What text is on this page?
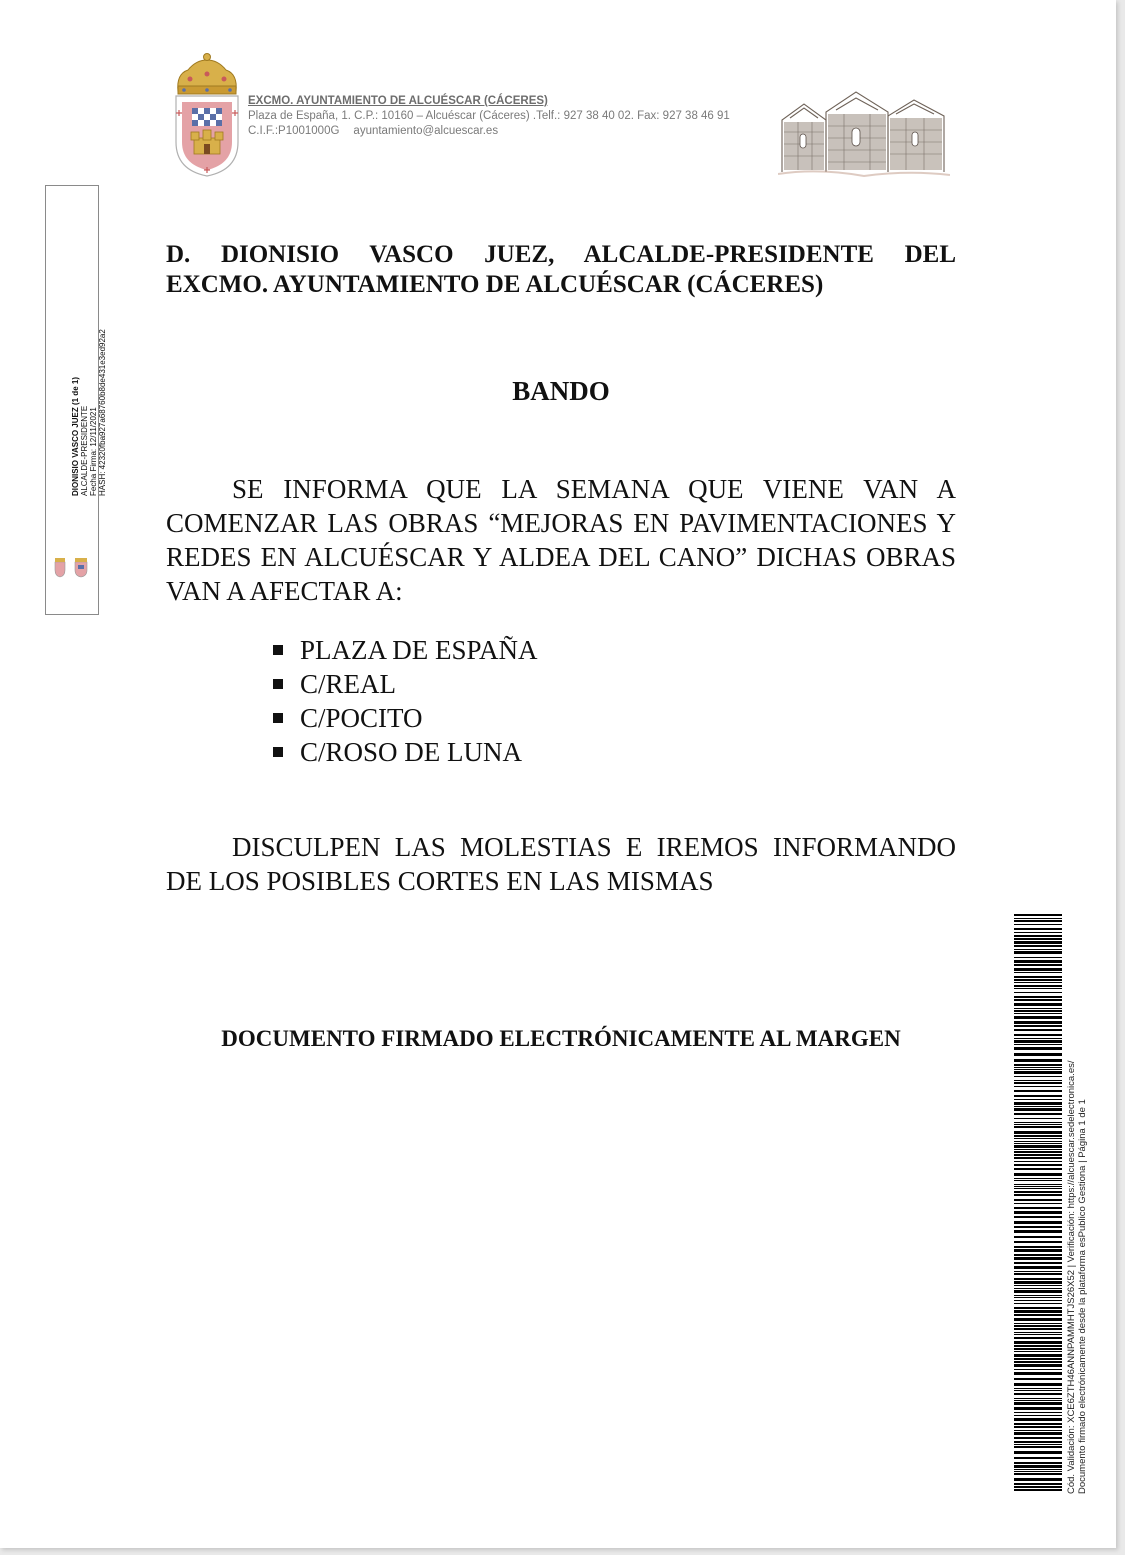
EXCMO. AYUNTAMIENTO DE ALCUÉSCAR (CÁCERES)
Plaza de España, 1. C.P.: 10160 – Alcuéscar (Cáceres) .Telf.: 927 38 40 02. Fax: 927 38 46 91
C.I.F.:P1001000G ayuntamiento@alcuescar.es
DIONISIO VASCO JUEZ (1 de 1) ALCALDE-PRESIDENTE Fecha Firma: 12/11/2021 HASH: 42320fba927a68760b8de431e3ed92a2
D. DIONISIO VASCO JUEZ, ALCALDE-PRESIDENTE DEL
EXCMO. AYUNTAMIENTO DE ALCUÉSCAR (CÁCERES)
BANDO

SE INFORMA QUE LA SEMANA QUE VIENE VAN A COMENZAR LAS OBRAS “MEJORAS EN PAVIMENTACIONES Y REDES EN ALCUÉSCAR Y ALDEA DEL CANO” DICHAS OBRAS VAN A AFECTAR A:

PLAZA DE ESPAÑA
C/REAL
C/POCITO
C/ROSO DE LUNA

DISCULPEN LAS MOLESTIAS E IREMOS INFORMANDO DE LOS POSIBLES CORTES EN LAS MISMAS

DOCUMENTO FIRMADO ELECTRÓNICAMENTE AL MARGEN
Cód. Validación: XCE6ZTH46ANNPAMMHTJS26X52 | Verificación: https://alcuescar.sedelectronica.es/ Documento firmado electrónicamente desde la plataforma esPublico Gestiona | Página 1 de 1
